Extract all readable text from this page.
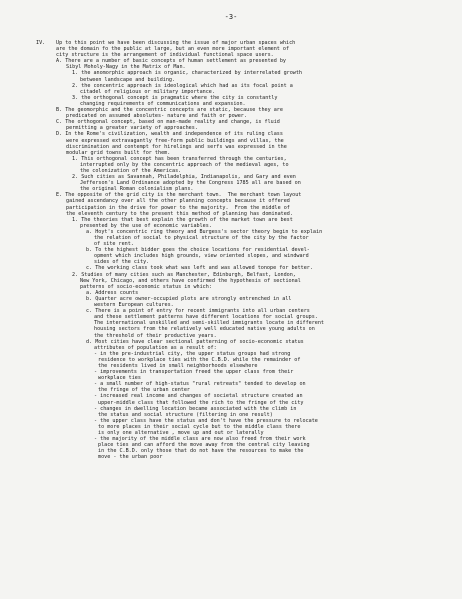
-3-
IV.	Up to this point we have been discussing the issue of major urban spaces which
are the domain fo the public at large, but an even more important element of
city structure is the arrangement of individual functional space users.
A. There are a number of basic concepts of human settlement as presented by
Sibyl Moholy-Nagy in the Matrix of Man.
1. the anomorphic approach is organic, characterized by interrelated growth
between landscape and building.
2. the concentric approach is ideological which had as its focal point a
citadel of religious or military importance.
3. the orthogonal concept is pragmatic where the city is constantly
changing requirements of communications and expansion.
B. The geomorphic and the concentric concepts are static, because they are
predicated on assumed absolutes- nature and faith or power.
C. The orthogonal concept, based on man-made reality and change, is fluid
permitting a greater variety of approaches.
D. In the Rome's civilization, wealth and independence of its ruling class
were expressed extravagantly free-form public buildings and villas, the
discrimination and contempt for hirelings and serfs was expressed in the
modular grid towns built for them.
1. This orthogonal concept has been transferred through the centuries,
interrupted only by the concentric approach of the medieval ages, to
the colonization of the Americas.
2. Such cities as Savannah, Philadelphia, Indianapolis, and Gary and even
Jefferson's Land Ordinance adopted by the Congress 1785 all are based on
the original Roman colonialism plans.
E. The opposite of the grid city is the merchant town.  The merchant town layout
gained ascendancy over all the other planning concepts because it offered
participation in the drive for power to the majority.  From the middle of
the eleventh century to the present this method of planning has dominated.
1. The theories that best explain the growth of the market town are best
presented by the use of economic variables.
a. Hoyt's concentric ring theory and Burgess's sector theory begin to explain
the relation of social to physical structure of the city by the factor
of site rent.
b. To the highest bidder goes the choice locations for residential devel-
opment which includes high grounds, view oriented slopes, and windward
sides of the city.
c. The working class took what was left and was allowed tonope for better.
2. Studies of many cities such as Manchester, Edinburgh, Belfast, London,
New York, Chicago, and others have confirmed the hypothesis of sectional
patterns of socio-economic status in which:
a. Address counts
b. Quarter acre owner-occupied plots are strongly entrenched in all
western European cultures.
c. There is a point of entry for recent immigrants into all urban centers
and these settlement patterns have different locations for social groups.
The international unskilled and semi-skilled immigrants locate in different
housing sectors from the relatively well educated native young adults on
the threshold of their productive years.
d. Most cities have clear sectional patterning of socio-economic status
attributes of population as a result of:
- in the pre-industrial city, the upper status groups had strong
residence to workplace ties with the C.B.D. while the remainder of
the residents lived in small neighborhoods elsewhere
- improvements in transportation freed the upper class from their
workplace ties
- a small number of high-status "rural retreats" tended to develop on
the fringe of the urban center
- increased real income and changes of societal structure created an
upper-middle class that followed the rich to the fringe of the city
- changes in dwelling location became associated with the climb in
the status and social structure (filtering in one result)
- the upper class have the status and don't have the pressure to relocate
to more places in their social cycle but to the middle class there
is only one alternative , move up and out or laterally
- the majority of the middle class are now also freed from their work
place ties and can afford the move away from the central city leaving
in the C.B.D. only those that do not have the resources to make the
move - the urban poor
